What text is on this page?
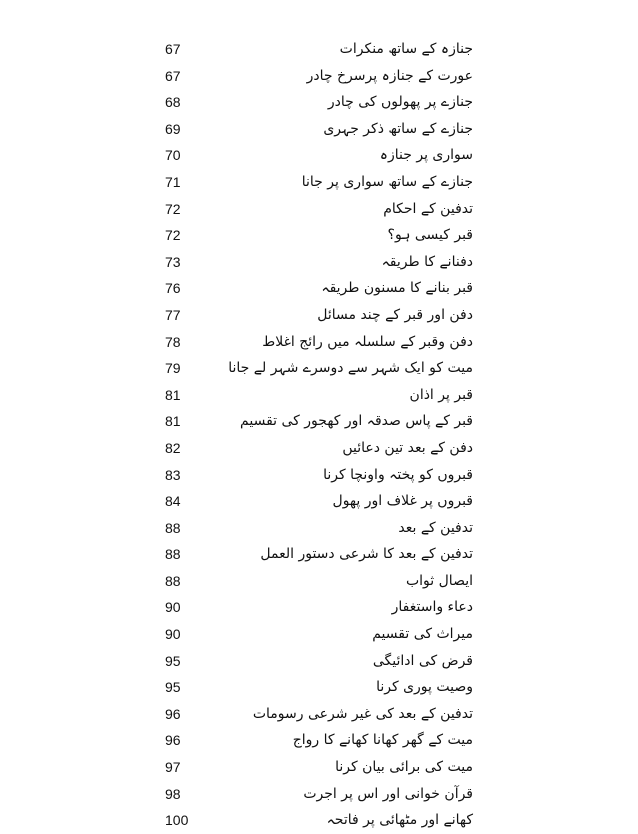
67	جنازہ کے ساتھ منکرات
67	عورت کے جنازہ پرسرخ چادر
68	جنازے پر پھولوں کی چادر
69	جنازے کے ساتھ ذکر جہری
70	سواری پر جنازہ
71	جنازے کے ساتھ سواری پر جانا
72	تدفین کے احکام
72	قبر کیسی ہو؟
73	دفنانے کا طریقہ
76	قبر بنانے کا مسنون طریقہ
77	دفن اور قبر کے چند مسائل
78	دفن وقبر کے سلسلہ میں رائج اغلاط
79	میت کو ایک شہر سے دوسرے شہر لے جانا
81	قبر پر اذان
81	قبر کے پاس صدقہ اور کھجور کی تقسیم
82	دفن کے بعد تین دعائیں
83	قبروں کو پختہ واونچا کرنا
84	قبروں پر غلاف اور پھول
88	تدفین کے بعد
88	تدفین کے بعد کا شرعی دستور العمل
88	ایصال ثواب
90	دعاء واستغفار
90	میراث کی تقسیم
95	قرض کی ادائیگی
95	وصیت پوری کرنا
96	تدفین کے بعد کی غیر شرعی رسومات
96	میت کے گھر کھانا کھانے کا رواج
97	میت کی برائی بیان کرنا
98	قرآن خوانی اور اس پر اجرت
100	کھانے اور مٹھائی پر فاتحہ
